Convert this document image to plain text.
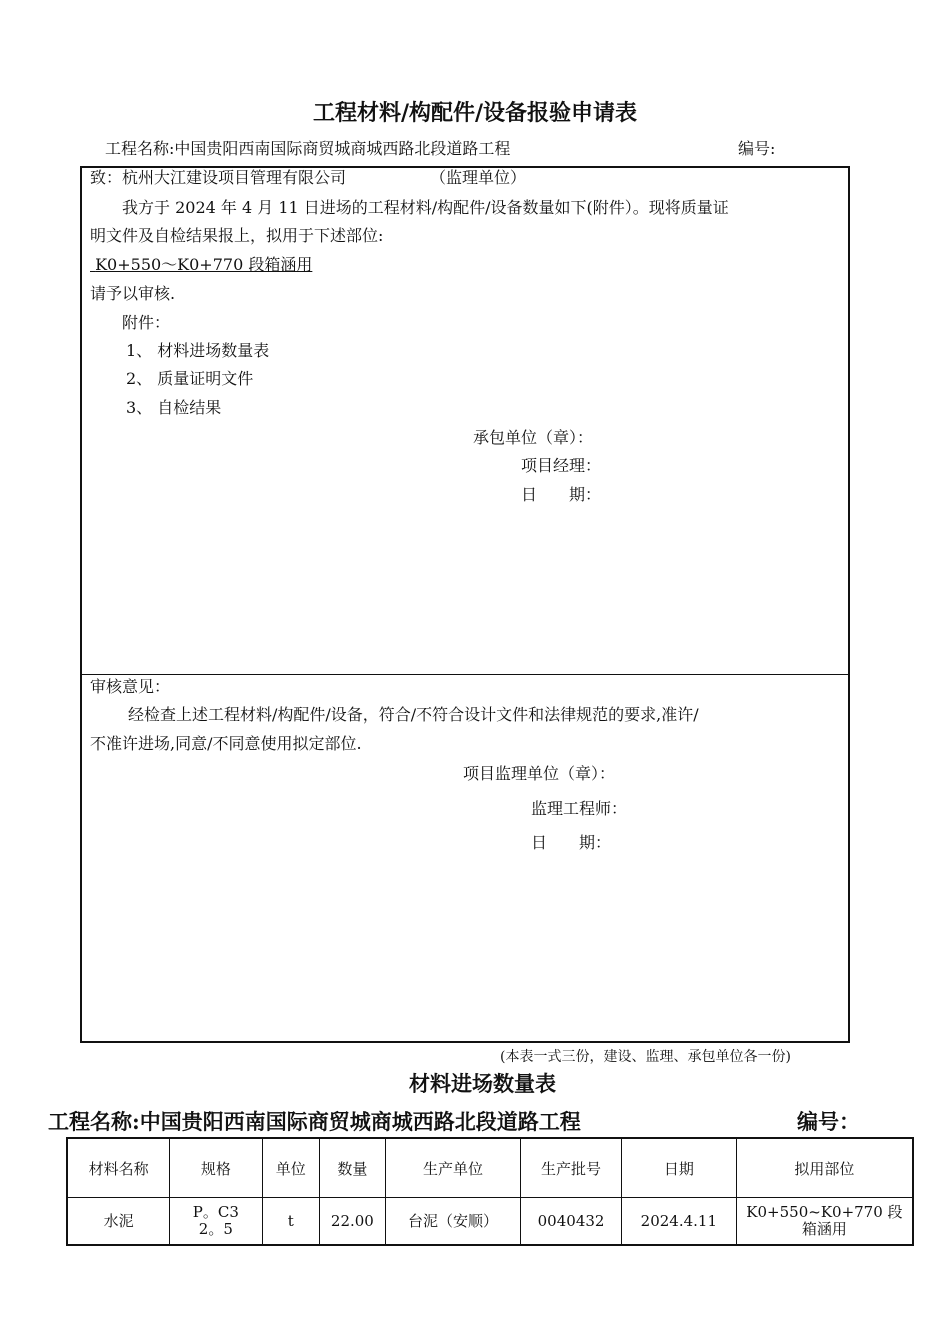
工程材料/构配件/设备报验申请表
工程名称:中国贵阳西南国际商贸城商城西路北段道路工程	编号:
致：杭州大江建设项目管理有限公司	（监理单位）
我方于 2024 年 4 月 11 日进场的工程材料/构配件/设备数量如下(附件）。现将质量证
明文件及自检结果报上，拟用于下述部位:
K0+550～K0+770 段箱涵用
请予以审核.
附件：
1、 材料进场数量表
2、 质量证明文件
3、 自检结果
承包单位（章）：
项目经理：
日　　期：
审核意见：
经检查上述工程材料/构配件/设备，符合/不符合设计文件和法律规范的要求,准许/
不准许进场,同意/不同意使用拟定部位.
项目监理单位（章）：
监理工程师：
日　　期：
(本表一式三份，建设、监理、承包单位各一份)
材料进场数量表
工程名称:中国贵阳西南国际商贸城商城西路北段道路工程	编号：
材料名称	规格	单位	数量	生产单位	生产批号	日期	拟用部位
水泥	P。C32。5	t	22.00	台泥（安顺）	0040432	2024.4.11	K0+550~K0+770 段箱涵用
